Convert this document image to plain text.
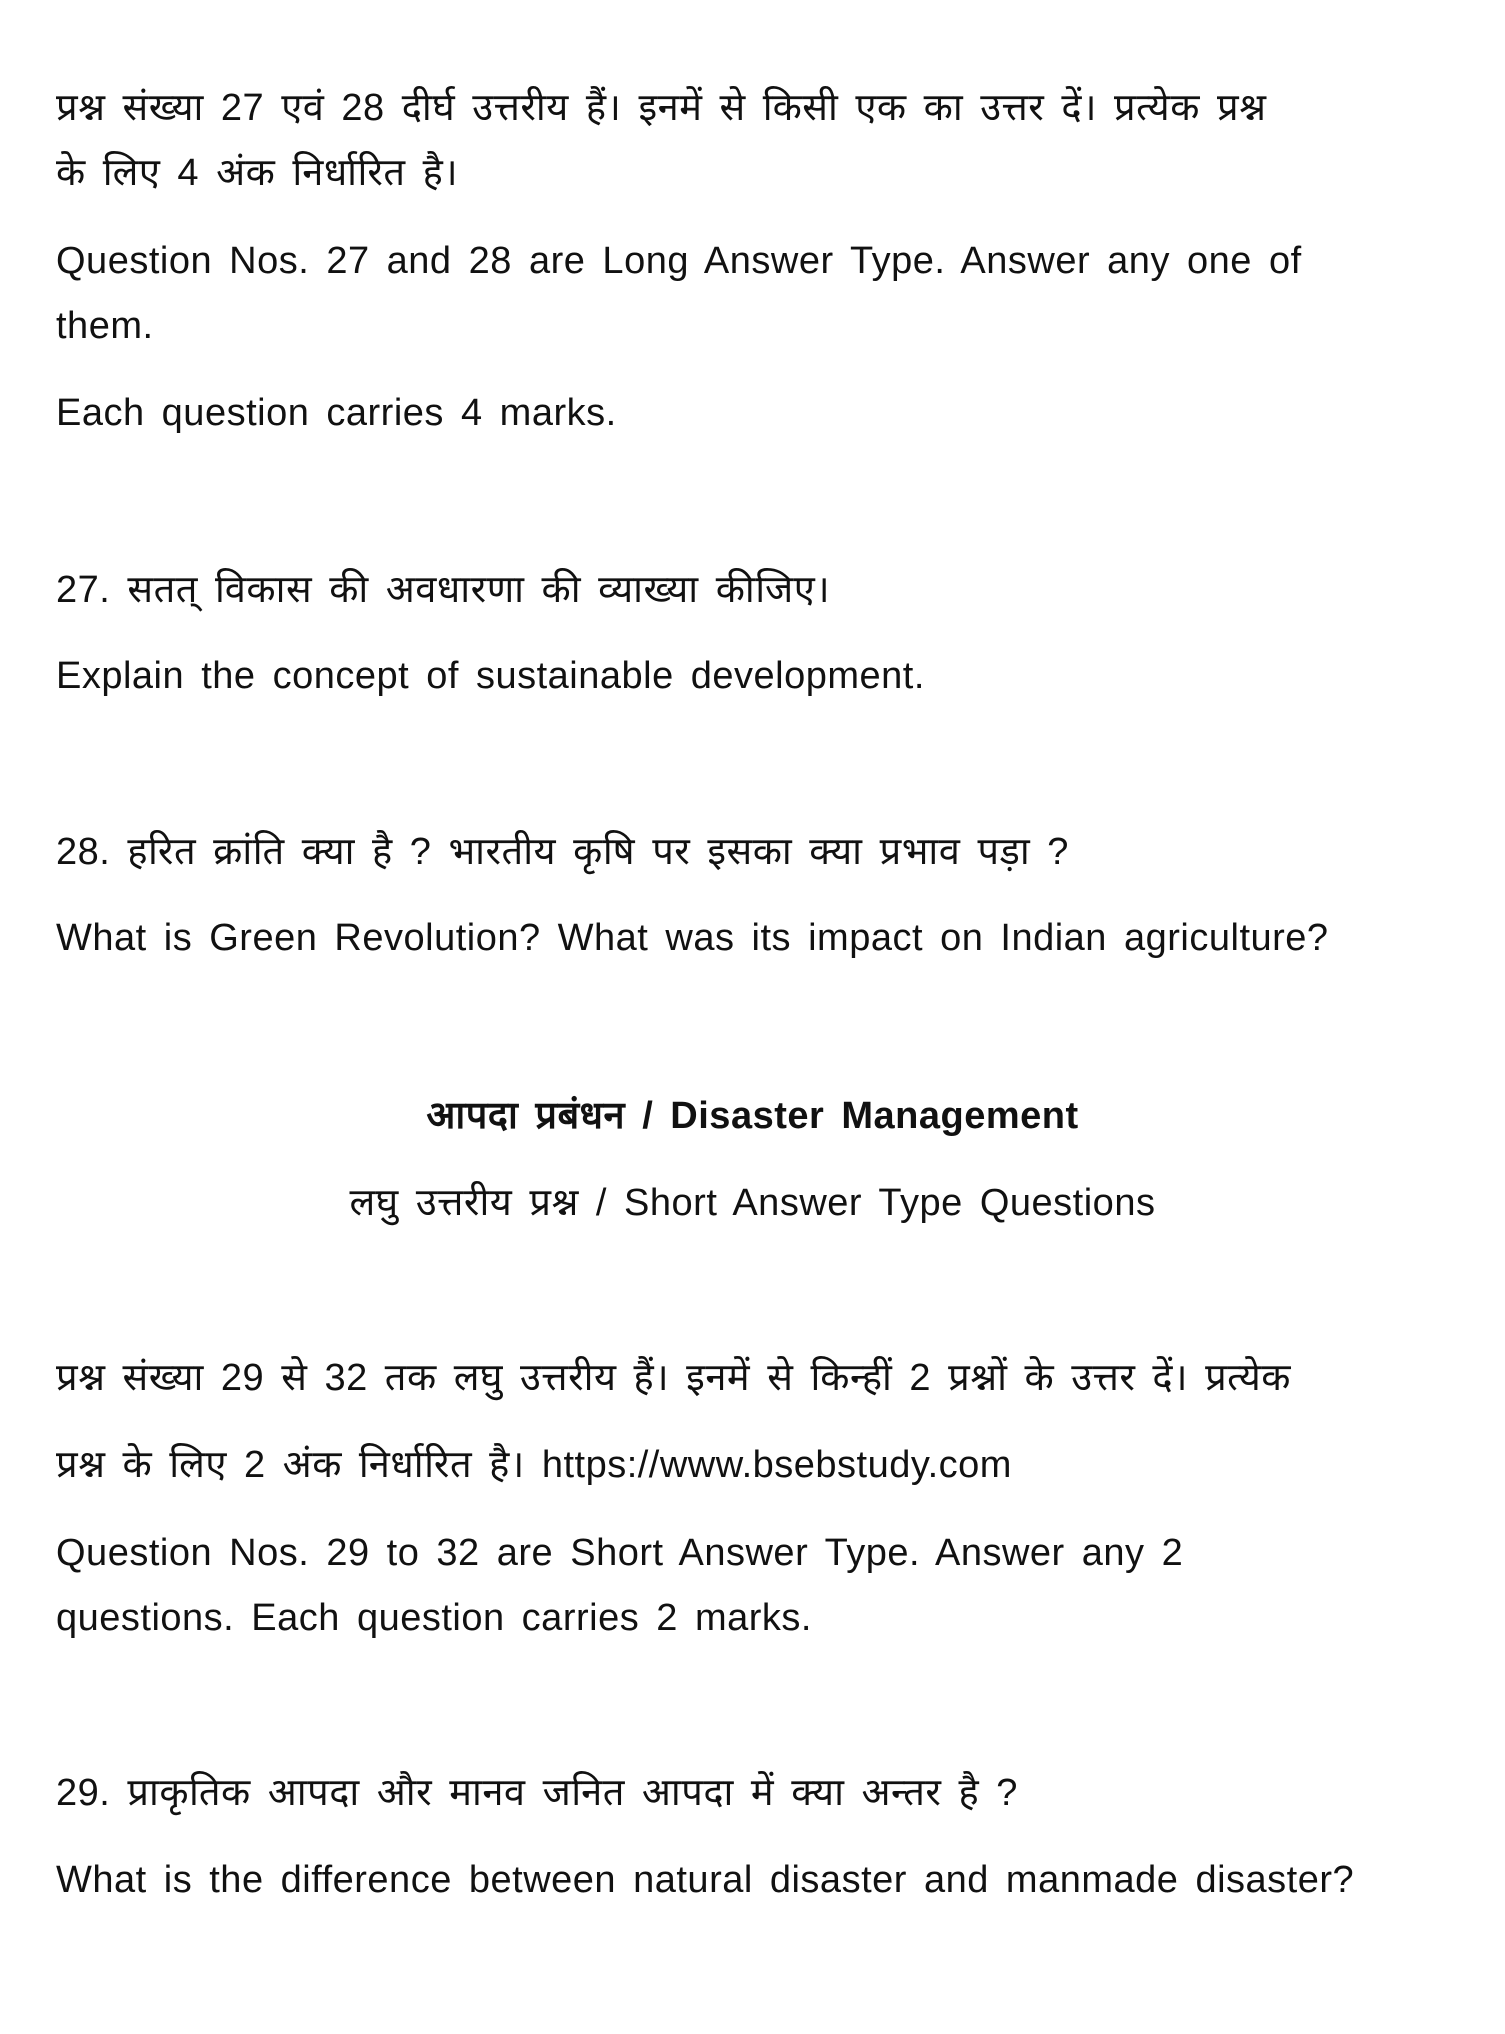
प्रश्न संख्या 27 एवं 28 दीर्घ उत्तरीय हैं। इनमें से किसी एक का उत्तर दें। प्रत्येक प्रश्न
के लिए 4 अंक निर्धारित है।
Question Nos. 27 and 28 are Long Answer Type. Answer any one of
them.
Each question carries 4 marks.
27. सतत् विकास की अवधारणा की व्याख्या कीजिए।
Explain the concept of sustainable development.
28. हरित क्रांति क्या है ? भारतीय कृषि पर इसका क्या प्रभाव पड़ा ?
What is Green Revolution? What was its impact on Indian agriculture?
आपदा प्रबंधन / Disaster Management
लघु उत्तरीय प्रश्न / Short Answer Type Questions
प्रश्न संख्या 29 से 32 तक लघु उत्तरीय हैं। इनमें से किन्हीं 2 प्रश्नों के उत्तर दें। प्रत्येक
प्रश्न के लिए 2 अंक निर्धारित है। https://www.bsebstudy.com
Question Nos. 29 to 32 are Short Answer Type. Answer any 2
questions. Each question carries 2 marks.
29. प्राकृतिक आपदा और मानव जनित आपदा में क्या अन्तर है ?
What is the difference between natural disaster and manmade disaster?
